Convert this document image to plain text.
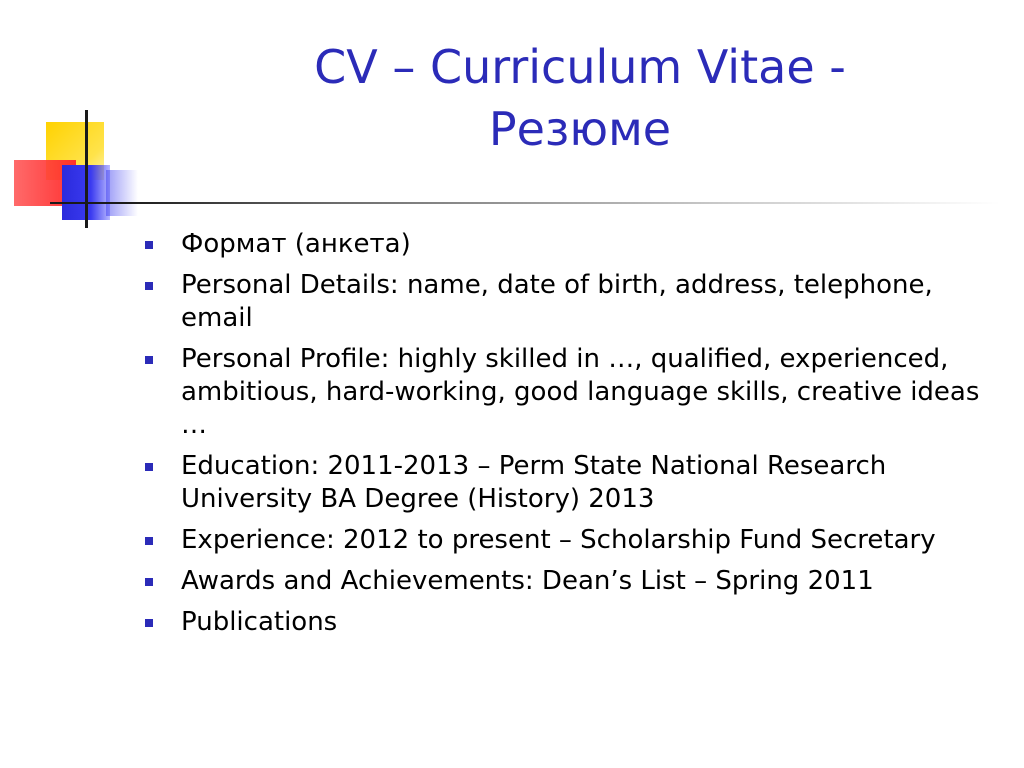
CV – Curriculum Vitae -
Резюме
Формат (анкета)
Personal Details: name, date of birth, address, telephone, email
Personal Profile: highly skilled in …, qualified, experienced, ambitious, hard-working, good language skills, creative ideas …
Education: 2011-2013 – Perm State National Research University BA Degree (History) 2013
Experience: 2012 to present – Scholarship Fund Secretary
Awards and Achievements: Dean’s List – Spring 2011
Publications
